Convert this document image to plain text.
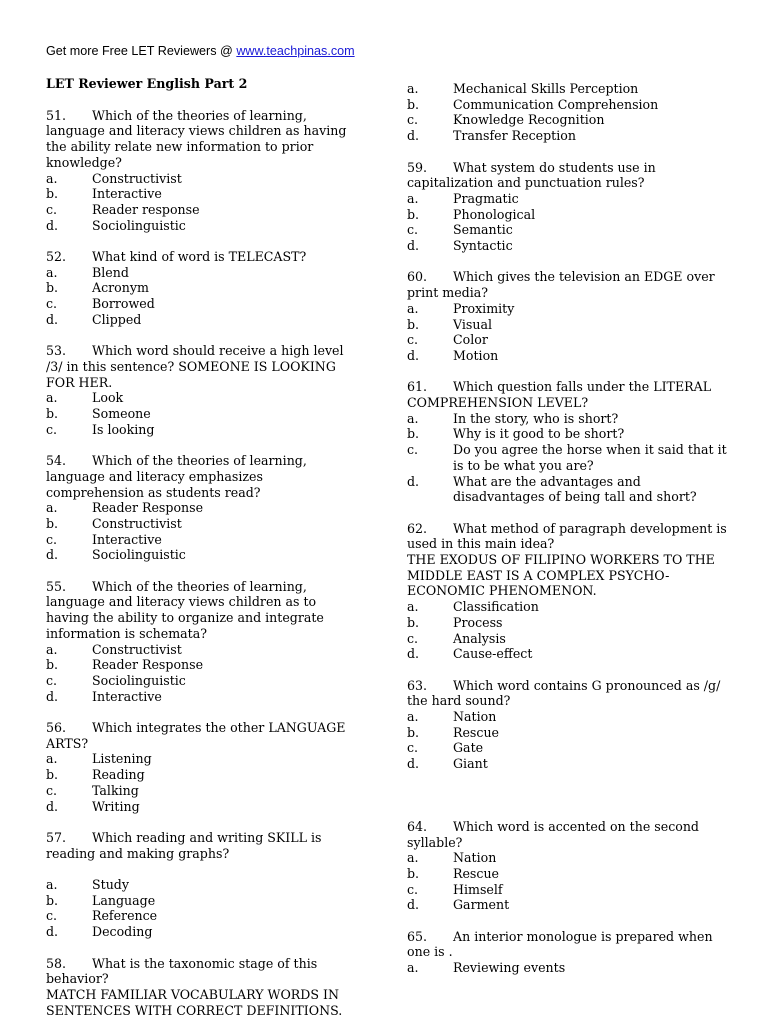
Get more Free LET Reviewers @ www.teachpinas.com
LET Reviewer English Part 2
51. Which of the theories of learning, language and literacy views children as having the ability relate new information to prior knowledge?
a.	Constructivist
b.	Interactive
c.	Reader response
d.	Sociolinguistic
52. What kind of word is TELECAST?
a.	Blend
b.	Acronym
c.	Borrowed
d.	Clipped
53. Which word should receive a high level /3/ in this sentence? SOMEONE IS LOOKING FOR HER.
a.	Look
b.	Someone
c.	Is looking
54. Which of the theories of learning, language and literacy emphasizes comprehension as students read?
a.	Reader Response
b.	Constructivist
c.	Interactive
d.	Sociolinguistic
55. Which of the theories of learning, language and literacy views children as to having the ability to organize and integrate information is schemata?
a.	Constructivist
b.	Reader Response
c.	Sociolinguistic
d.	Interactive
56. Which integrates the other LANGUAGE ARTS?
a.	Listening
b.	Reading
c.	Talking
d.	Writing
57. Which reading and writing SKILL is reading and making graphs?
a.	Study
b.	Language
c.	Reference
d.	Decoding
58. What is the taxonomic stage of this behavior?
MATCH FAMILIAR VOCABULARY WORDS IN SENTENCES WITH CORRECT DEFINITIONS.
a.	Mechanical Skills Perception
b.	Communication Comprehension
c.	Knowledge Recognition
d.	Transfer Reception
59. What system do students use in capitalization and punctuation rules?
a.	Pragmatic
b.	Phonological
c.	Semantic
d.	Syntactic
60. Which gives the television an EDGE over print media?
a.	Proximity
b.	Visual
c.	Color
d.	Motion
61. Which question falls under the LITERAL COMPREHENSION LEVEL?
a.	In the story, who is short?
b.	Why is it good to be short?
c.	Do you agree the horse when it said that it is to be what you are?
d.	What are the advantages and disadvantages of being tall and short?
62. What method of paragraph development is used in this main idea?
THE EXODUS OF FILIPINO WORKERS TO THE MIDDLE EAST IS A COMPLEX PSYCHO-ECONOMIC PHENOMENON.
a.	Classification
b.	Process
c.	Analysis
d.	Cause-effect
63. Which word contains G pronounced as /g/ the hard sound?
a.	Nation
b.	Rescue
c.	Gate
d.	Giant
64. Which word is accented on the second syllable?
a.	Nation
b.	Rescue
c.	Himself
d.	Garment
65. An interior monologue is prepared when one is .
a.	Reviewing events
